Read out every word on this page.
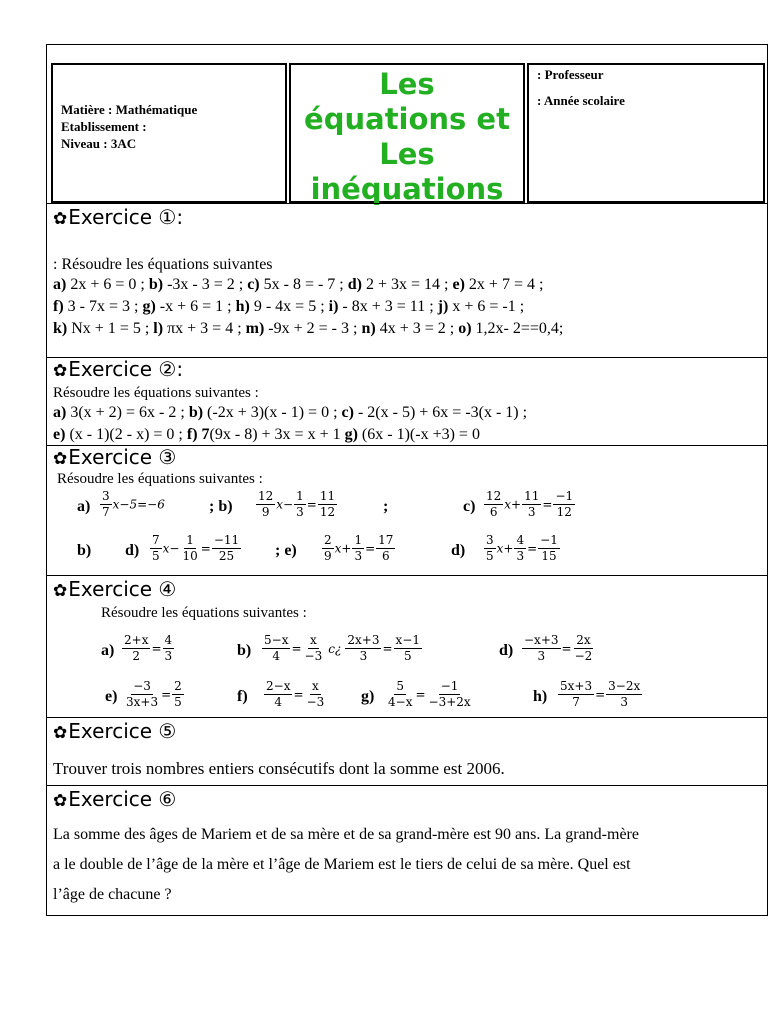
Matière : Mathématique
Etablissement :
Niveau : 3AC
Les
équations et
Les
inéquations
: Professeur
: Année scolaire
✿Exercice ①:
: Résoudre les équations suivantes
a) 2x + 6 = 0 ; b) -3x - 3 = 2 ; c) 5x - 8 = - 7 ; d) 2 + 3x = 14 ; e) 2x + 7 = 4 ;
f) 3 - 7x = 3 ; g) -x + 6 = 1 ; h) 9 - 4x = 5 ; i) - 8x + 3 = 11 ; j) x + 6 = -1 ;
k) Nx + 1 = 5 ; l) πx + 3 = 4 ; m) -9x + 2 = - 3 ; n) 4x + 3 = 2 ; o) 1,2x- 2==0,4;
✿Exercice ②:
Résoudre les équations suivantes :
a) 3(x + 2) = 6x - 2 ; b) (-2x + 3)(x - 1) = 0 ; c) - 2(x - 5) + 6x = -3(x - 1) ;
e) (x - 1)(2 - x) = 0 ; f) 7(9x - 8) + 3x = x + 1 g) (6x - 1)(-x +3) = 0
✿Exercice ③
Résoudre les équations suivantes :
$a) \frac{3}{7} x-5=-6$	; $b) \frac{12}{9} x- \frac{1}{3} = \frac{11}{12}$	;	$c) \frac{12}{6} x+ \frac{11}{3} = \frac{-1}{12}$
b) $d) \frac{7}{5} x- \frac{1}{10} = \frac{-11}{25}$ ; $e) \frac{2}{9} x+ \frac{1}{3} = \frac{17}{6}$	$d) \frac{3}{5} x+ \frac{4}{3} = \frac{-1}{15}$
✿Exercice ④
Résoudre les équations suivantes :
$a) \frac{2+x}{2} = \frac{4}{3}$	$b) \frac{5-x}{4} = \frac{x}{-3}$ c¿ $\frac{2x+3}{3} = \frac{x-1}{5}$	$d) \frac{-x+3}{3} = \frac{2x}{-2}$
$e) \frac{-3}{3x+3} = \frac{2}{5}$	$f) \frac{2-x}{4} = \frac{x}{-3} g) \frac{5}{4-x} = \frac{-1}{-3+2x}$	$h) \frac{5x+3}{7} = \frac{3-2x}{3}$
✿Exercice ⑤
Trouver trois nombres entiers consécutifs dont la somme est 2006.
✿Exercice ⑥
La somme des âges de Mariem et de sa mère et de sa grand-mère est 90 ans. La grand-mère
a le double de l’âge de la mère et l’âge de Mariem est le tiers de celui de sa mère. Quel est
l’âge de chacune ?
